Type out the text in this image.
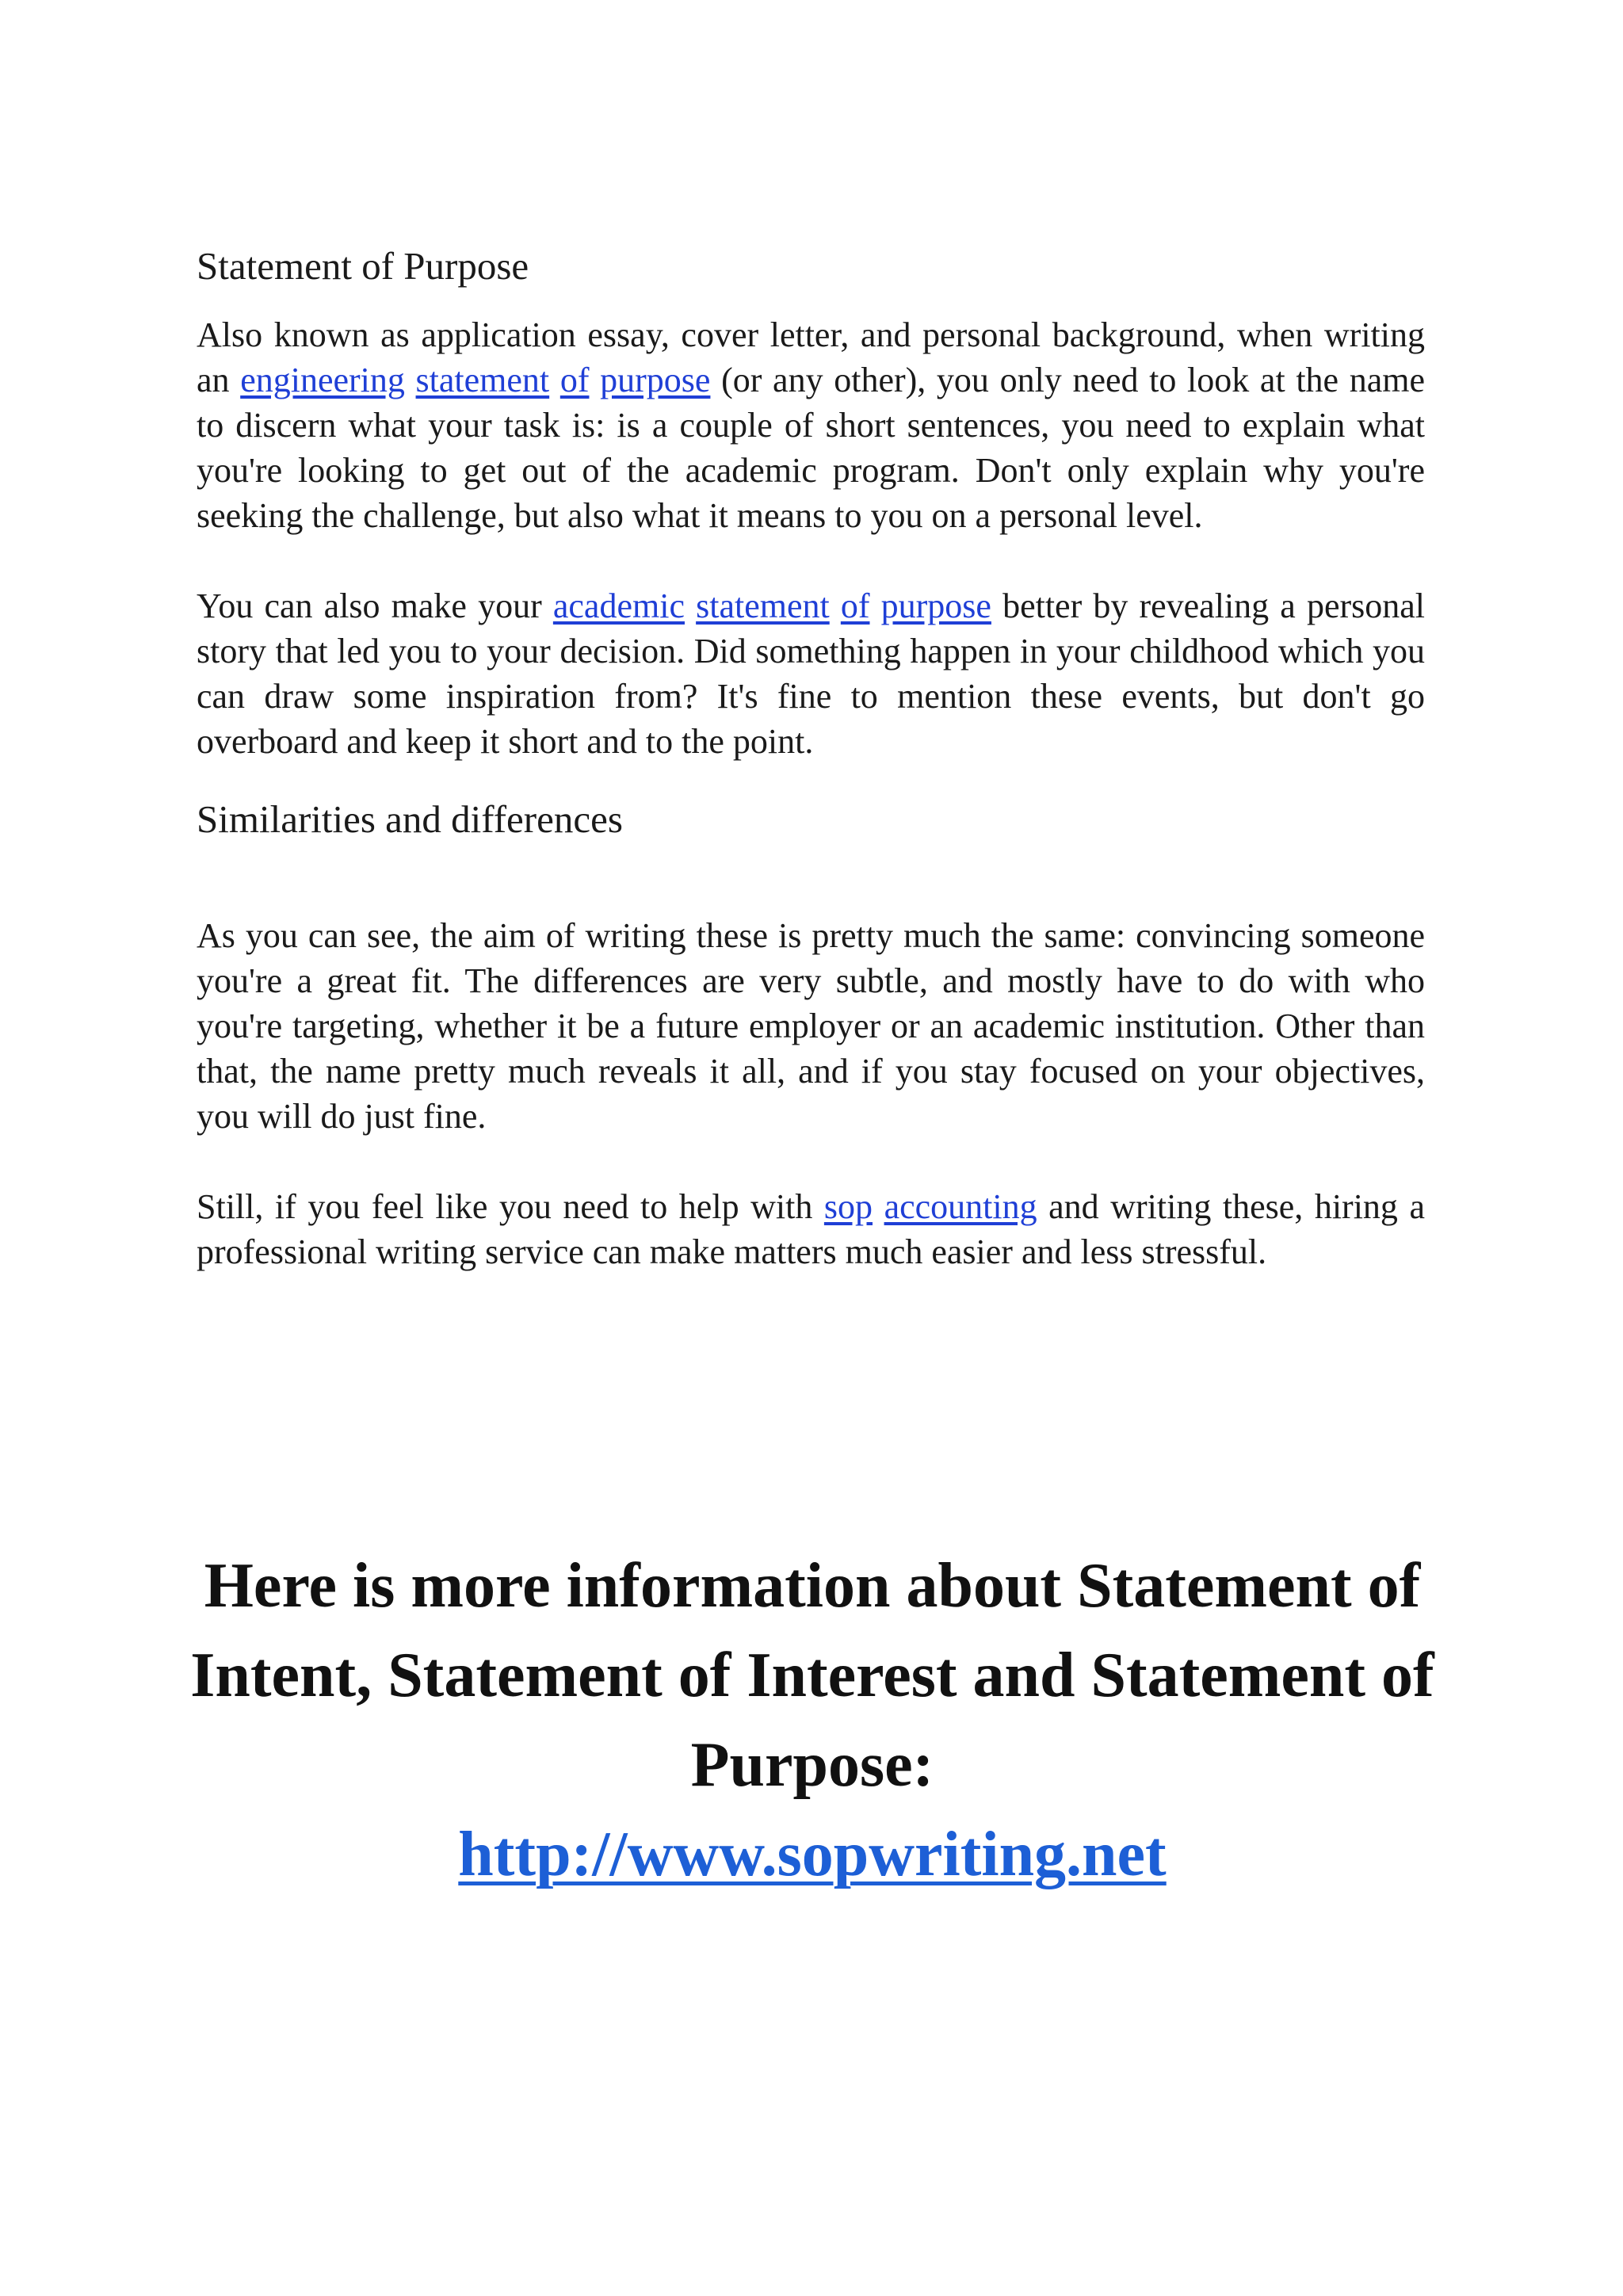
Statement of Purpose

Also known as application essay, cover letter, and personal background, when writing an engineering statement of purpose (or any other), you only need to look at the name to discern what your task is: is a couple of short sentences, you need to explain what you're looking to get out of the academic program. Don't only explain why you're seeking the challenge, but also what it means to you on a personal level.

You can also make your academic statement of purpose better by revealing a personal story that led you to your decision. Did something happen in your childhood which you can draw some inspiration from? It's fine to mention these events, but don't go overboard and keep it short and to the point.

Similarities and differences

As you can see, the aim of writing these is pretty much the same: convincing someone you're a great fit. The differences are very subtle, and mostly have to do with who you're targeting, whether it be a future employer or an academic institution. Other than that, the name pretty much reveals it all, and if you stay focused on your objectives, you will do just fine.

Still, if you feel like you need to help with sop accounting and writing these, hiring a professional writing service can make matters much easier and less stressful.

Here is more information about Statement of Intent, Statement of Interest and Statement of Purpose:
http://www.sopwriting.net
